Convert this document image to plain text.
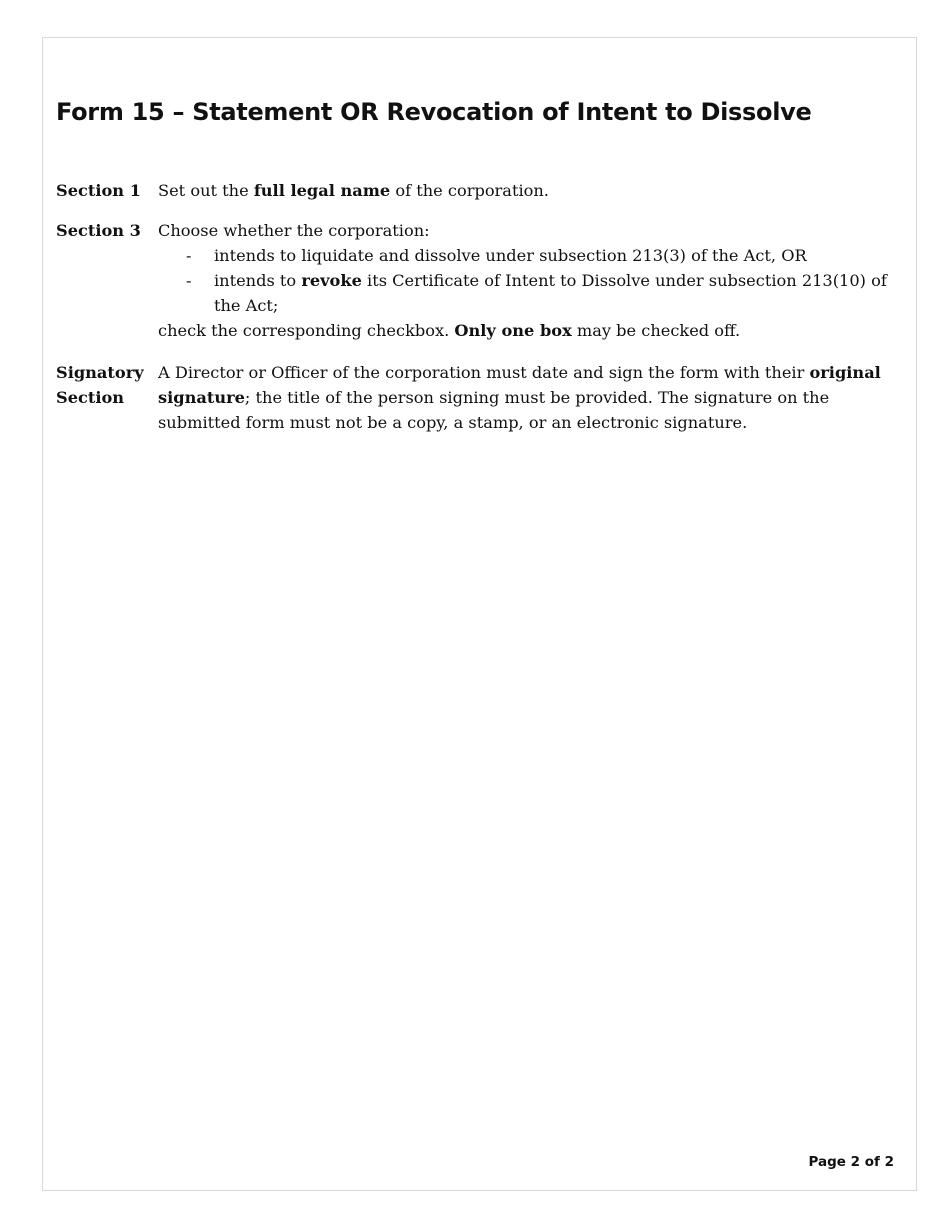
Form 15 – Statement OR Revocation of Intent to Dissolve
Section 1	Set out the full legal name of the corporation.
Section 3	Choose whether the corporation:
- intends to liquidate and dissolve under subsection 213(3) of the Act, OR
- intends to revoke its Certificate of Intent to Dissolve under subsection 213(10) of the Act;
check the corresponding checkbox. Only one box may be checked off.
Signatory
Section
A Director or Officer of the corporation must date and sign the form with their original signature; the title of the person signing must be provided. The signature on the submitted form must not be a copy, a stamp, or an electronic signature.
Page 2 of 2
